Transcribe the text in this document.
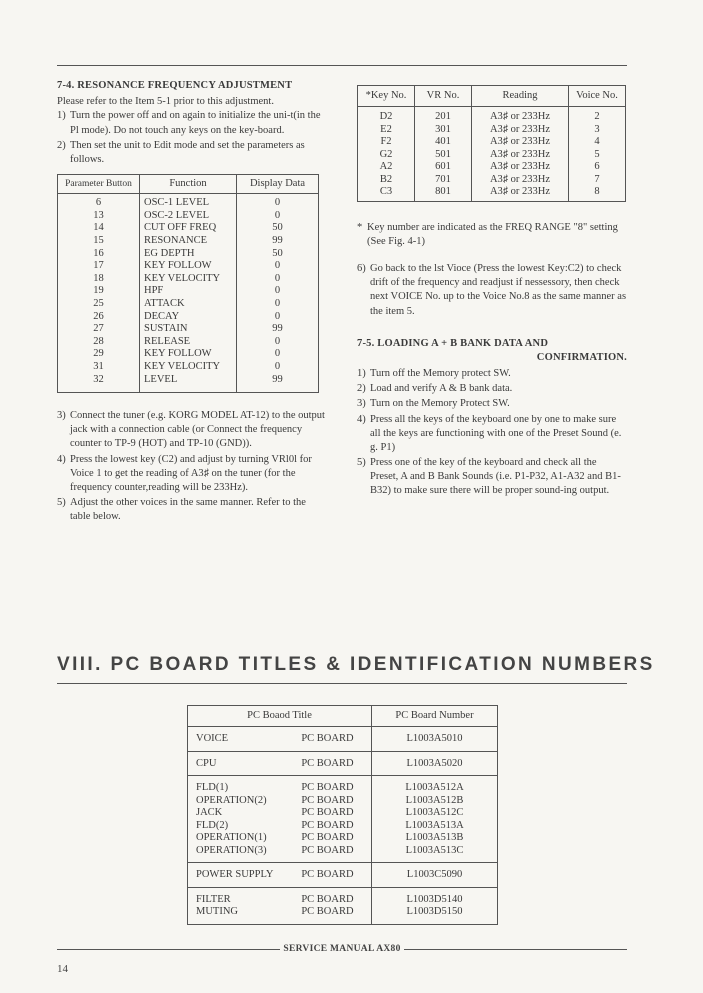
7-4. RESONANCE FREQUENCY ADJUSTMENT

Please refer to the Item 5-1 prior to this adjustment.

1) Turn the power off and on again to initialize the uni-t(in the Pl mode). Do not touch any keys on the key-board.
2) Then set the unit to Edit mode and set the parameters as follows.
Parameter Button	Function	Display Data
6	OSC-1 LEVEL	0
13	OSC-2 LEVEL	0
14	CUT OFF FREQ	50
15	RESONANCE	99
16	EG DEPTH	50
17	KEY FOLLOW	0
18	KEY VELOCITY	0
19	HPF	0
25	ATTACK	0
26	DECAY	0
27	SUSTAIN	99
28	RELEASE	0
29	KEY FOLLOW	0
31	KEY VELOCITY	0
32	LEVEL	99
3) Connect the tuner (e.g. KORG MODEL AT-12) to the output jack with a connection cable (or Connect the frequency counter to TP-9 (HOT) and TP-10 (GND)).
4) Press the lowest key (C2) and adjust by turning VRl0l for Voice 1 to get the reading of A3♯ on the tuner (for the frequency counter,reading will be 233Hz).
5) Adjust the other voices in the same manner. Refer to the table below.
*Key No.	VR No.	Reading	Voice No.
D2	201	A3♯ or 233Hz	2
E2	301	A3♯ or 233Hz	3
F2	401	A3♯ or 233Hz	4
G2	501	A3♯ or 233Hz	5
A2	601	A3♯ or 233Hz	6
B2	701	A3♯ or 233Hz	7
C3	801	A3♯ or 233Hz	8

* Key number are indicated as the FREQ RANGE "8" setting (See Fig. 4-1)

6) Go back to the lst Vioce (Press the lowest Key:C2) to check drift of the frequency and readjust if nessessory, then check next VOICE No. up to the Voice No.8 as the same manner as the item 5.
7-5. LOADING A + B BANK DATA AND
CONFIRMATION.
1) Turn off the Memory protect SW.
2) Load and verify A & B bank data.
3) Turn on the Memory Protect SW.
4) Press all the keys of the keyboard one by one to make sure all the keys are functioning with one of the Preset Sound (e. g. P1)
5) Press one of the key of the keyboard and check all the Preset, A and B Bank Sounds (i.e. P1-P32, A1-A32 and B1-B32) to make sure there will be proper sound-ing output.
VIII. PC BOARD TITLES & IDENTIFICATION NUMBERS
PC Boaod Title		PC Board Number
VOICE	PC BOARD	L1003A5010
CPU	PC BOARD	L1003A5020
FLD(1)	PC BOARD	L1003A512A
OPERATION(2)	PC BOARD	L1003A512B
JACK	PC BOARD	L1003A512C
FLD(2)	PC BOARD	L1003A513A
OPERATION(1)	PC BOARD	L1003A513B
OPERATION(3)	PC BOARD	L1003A513C
POWER SUPPLY	PC BOARD	L1003C5090
FILTER	PC BOARD	L1003D5140
MUTING	PC BOARD	L1003D5150
SERVICE MANUAL AX80
14
